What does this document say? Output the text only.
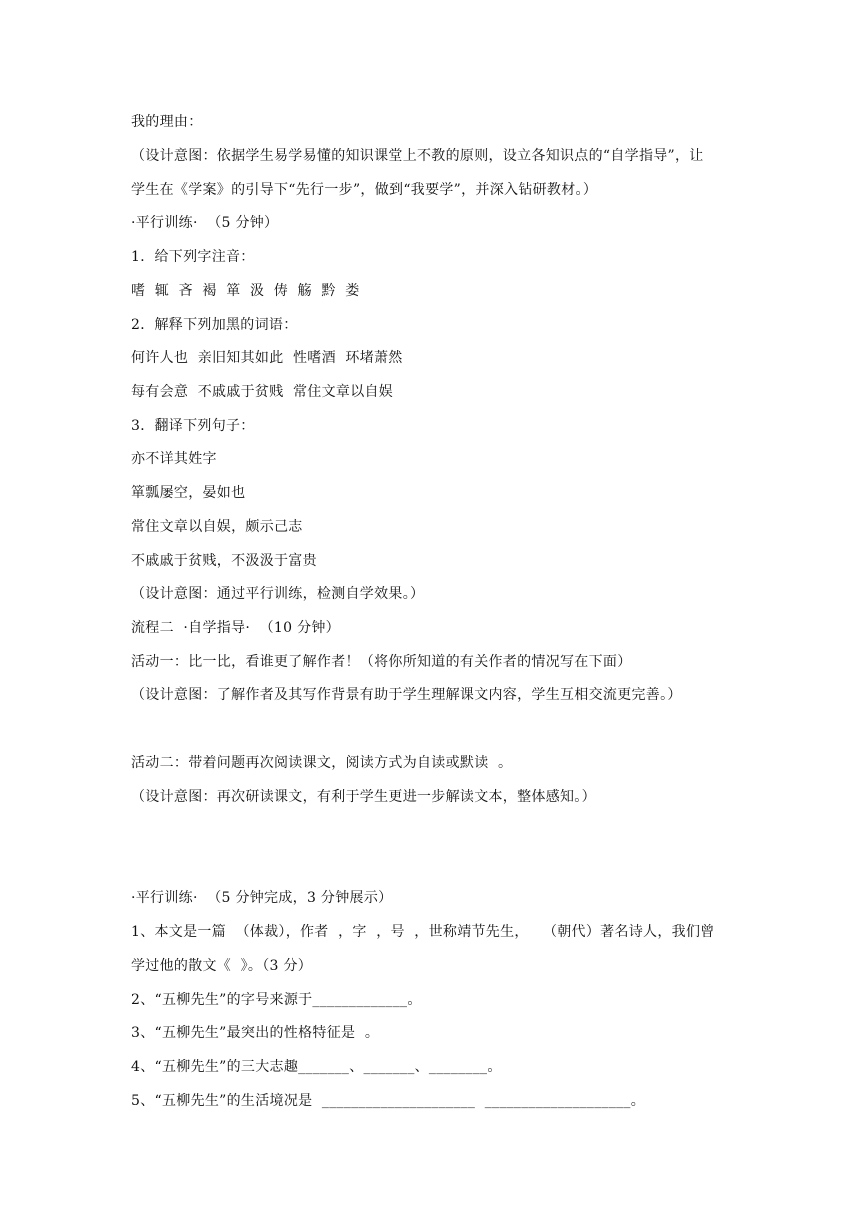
我的理由：
（设计意图：依据学生易学易懂的知识课堂上不教的原则，设立各知识点的“自学指导”，让
学生在《学案》的引导下“先行一步”，做到“我要学”，并深入钻研教材。）
·平行训练·  （5 分钟）
1．给下列字注音：
嗜  辄  吝  褐  箪  汲  俦  觞  黔  娄
2．解释下列加黑的词语：
何许人也  亲旧知其如此  性嗜酒  环堵萧然
每有会意  不戚戚于贫贱  常住文章以自娱
3．翻译下列句子：
亦不详其姓字
箪瓢屡空，晏如也
常住文章以自娱，颇示己志
不戚戚于贫贱，不汲汲于富贵
（设计意图：通过平行训练，检测自学效果。）
流程二  ·自学指导·  （10 分钟）
活动一：比一比，看谁更了解作者！（将你所知道的有关作者的情况写在下面）
（设计意图：了解作者及其写作背景有助于学生理解课文内容，学生互相交流更完善。）
活动二：带着问题再次阅读课文，阅读方式为自读或默读  。
（设计意图：再次研读课文，有利于学生更进一步解读文本，整体感知。）
·平行训练·  （5 分钟完成，3 分钟展示）
1、本文是一篇  （体裁），作者  ，字  ，号  ，世称靖节先生，   （朝代）著名诗人，我们曾
学过他的散文《  》。（3 分）
2、“五柳先生”的字号来源于_____________。
3、“五柳先生”最突出的性格特征是  。
4、“五柳先生”的三大志趣_______、_______、________。
5、“五柳先生”的生活境况是  _____________________  ____________________。
